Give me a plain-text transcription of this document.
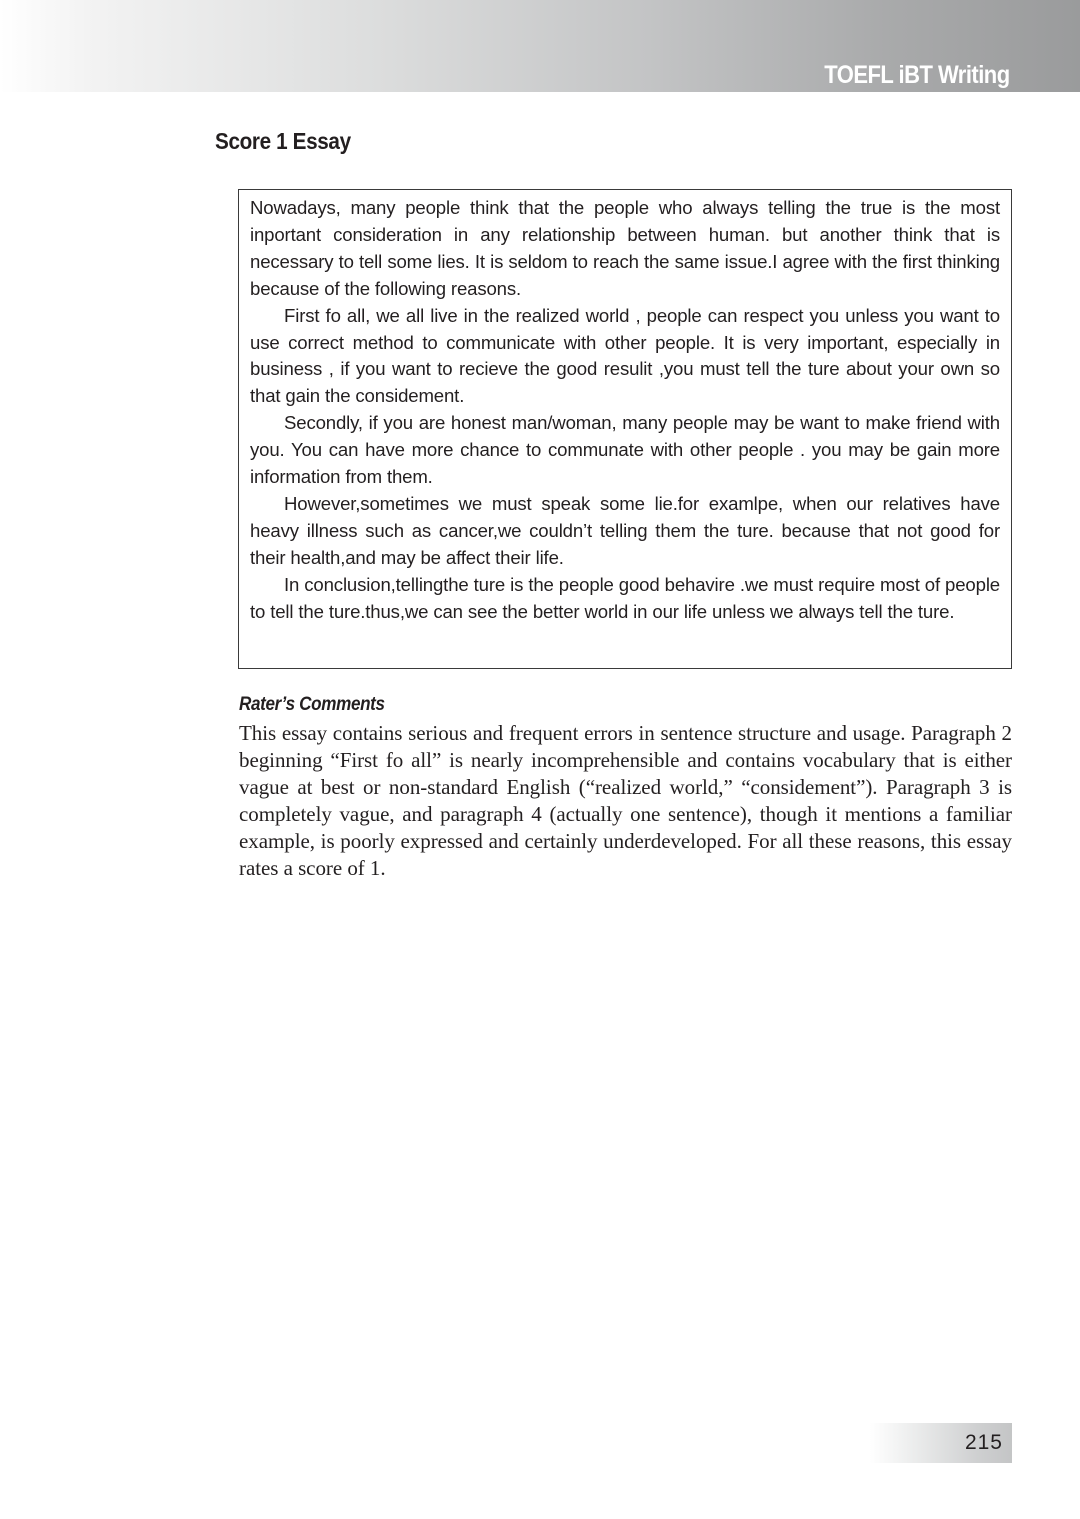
TOEFL iBT Writing
Score 1 Essay

Nowadays, many people think that the people who always telling the true is the most inportant consideration in any relationship between human. but another think that is necessary to tell some lies. It is seldom to reach the same issue.I agree with the first thinking because of the following reasons.

First fo all, we all live in the realized world , people can respect you unless you want to use correct method to communicate with other people. It is very important, especially in business , if you want to recieve the good resulit ,you must tell the ture about your own so that gain the considement.

Secondly, if you are honest man/woman, many people may be want to make friend with you. You can have more chance to communate with other people . you may be gain more information from them.

However,sometimes we must speak some lie.for examlpe, when our relatives have heavy illness such as cancer,we couldn’t telling them the ture. because that not good for their health,and may be affect their life.

In conclusion,tellingthe ture is the people good behavire .we must require most of people to tell the ture.thus,we can see the better world in our life unless we always tell the ture.

Rater’s Comments

This essay contains serious and frequent errors in sentence structure and usage. Paragraph 2 beginning “First fo all” is nearly incomprehensible and contains vocabulary that is either vague at best or non-standard English (“realized world,” “considement”). Paragraph 3 is completely vague, and paragraph 4 (actually one sentence), though it mentions a familiar example, is poorly expressed and certainly underdeveloped. For all these reasons, this essay rates a score of 1.

215
